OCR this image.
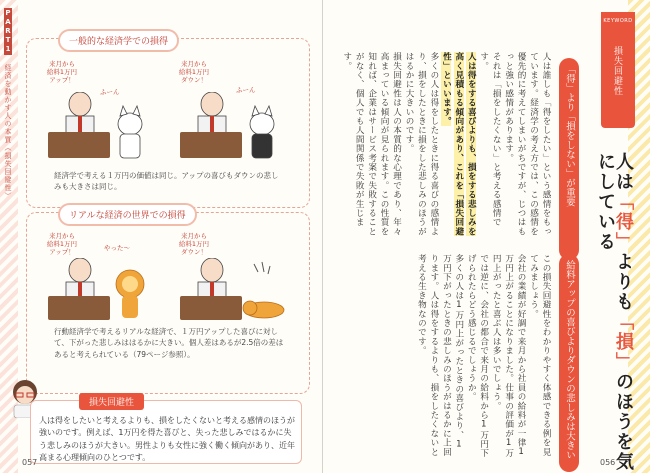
PART1 経済を動かす人の本質（損失回避性）
一般的な経済学での損得
来月から
給料1万円
アップ！
ふーん
来月から
給料1万円
ダウン！
ふーん
経済学で考える１万円の価値は同じ。アップの喜びもダウンの悲しみも大きさは同じ。
リアルな経済の世界での損得
来月から
給料1万円
アップ！
やった〜
来月から
給料1万円
ダウン！
行動経済学で考えるリアルな経済で、１万円アップした喜びに対して、下がった悲しみははるかに大きい。個人差はあるが2.5倍の差はあると考えられている（79ページ参照）。
損失回避性
人は得をしたいと考えるよりも、損をしたくないと考える感情のほうが強いのです。例えば、1万円を得た喜びと、失った悲しみではるかに失う悲しみのほうが大きい。男性よりも女性に強く働く傾向があり、近年高まる心理傾向のひとつです。
057
KEYWORD
損失回避性
人は「得」よりも「損」のほうを気にしている
「得」より「損をしない」が重要

人は誰しも「得をしたい」という感情をもっています。経済学の考え方では、この感情を優先的に考えてしまいがちですが、じつはもっと強い感情があります。

それは「損をしたくない」と考える感情です。

人は得をする喜びよりも、損をする悲しみを高く見積もる傾向があり、これを「損失回避性」といいます。

多くの人は得をしたときに得る喜びの感情より、損をしたときに損をした悲しみのほうがはるかに大きいのです。

損失回避性は人の本質的な心理であり、年々高まっている傾向が見られます。この性質を知れば、企業はサービス考案で失敗することがなく、個人でも人間関係で失敗が生じます。

給料アップの喜びよりダウンの悲しみは大きい

この損失回避性をわかりやすく体感できる例を見てみましょう。

会社の業績が好調で来月から社員の給料が一律1万円上がることになりました。仕事の評価が1万円上がったと喜ぶ人は多いでしょう。

では逆に、会社の都合で来月の給料から1万円下げられたらどう感じるでしょうか。

多くの人は1万円上がったときの喜びより、1万円下がったときの悲しみのほうがはるかに上回ります。人は得をするよりも、損をしたくないと考える生き物なのです。

056
